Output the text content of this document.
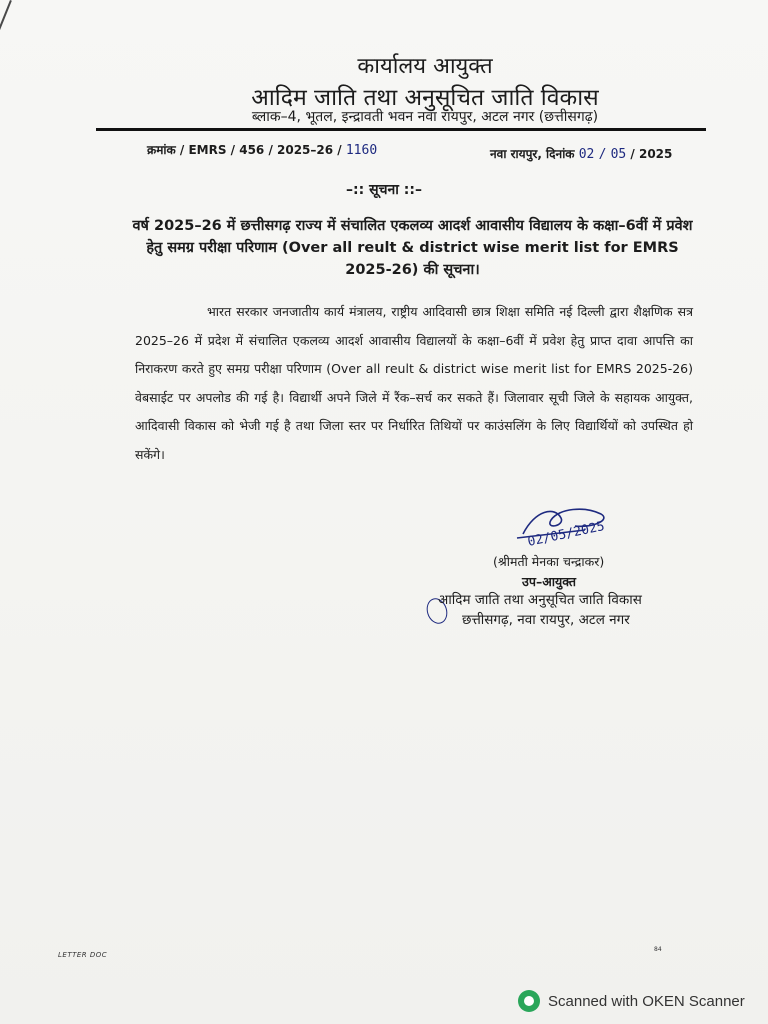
कार्यालय आयुक्त
आदिम जाति तथा अनुसूचित जाति विकास
ब्लाक–4, भूतल, इन्द्रावती भवन नवा रायपुर, अटल नगर (छत्तीसगढ़)
क्रमांक / EMRS / 456 / 2025–26 / 1160	नवा रायपुर, दिनांक 02 / 05 / 2025
–:: सूचना ::–
वर्ष 2025–26 में छत्तीसगढ़ राज्य में संचालित एकलव्य आदर्श आवासीय विद्यालय के कक्षा–6वीं में प्रवेश हेतु समग्र परीक्षा परिणाम (Over all reult & district wise merit list for EMRS 2025-26) की सूचना।
भारत सरकार जनजातीय कार्य मंत्रालय, राष्ट्रीय आदिवासी छात्र शिक्षा समिति नई दिल्ली द्वारा शैक्षणिक सत्र 2025–26 में प्रदेश में संचालित एकलव्य आदर्श आवासीय विद्यालयों के कक्षा–6वीं में प्रवेश हेतु प्राप्त दावा आपत्ति का निराकरण करते हुए समग्र परीक्षा परिणाम (Over all reult & district wise merit list for EMRS 2025-26) वेबसाईट पर अपलोड की गई है। विद्यार्थी अपने जिले में रैंक–सर्च कर सकते हैं। जिलावार सूची जिले के सहायक आयुक्त, आदिवासी विकास को भेजी गई है तथा जिला स्तर पर निर्धारित तिथियों पर काउंसलिंग के लिए विद्यार्थियों को उपस्थित हो सकेंगे।
02/05/2025
(श्रीमती मेनका चन्द्राकर)
उप–आयुक्त
आदिम जाति तथा अनुसूचित जाति विकास
छत्तीसगढ़, नवा रायपुर, अटल नगर
LETTER DOC
84
Scanned with OKEN Scanner
